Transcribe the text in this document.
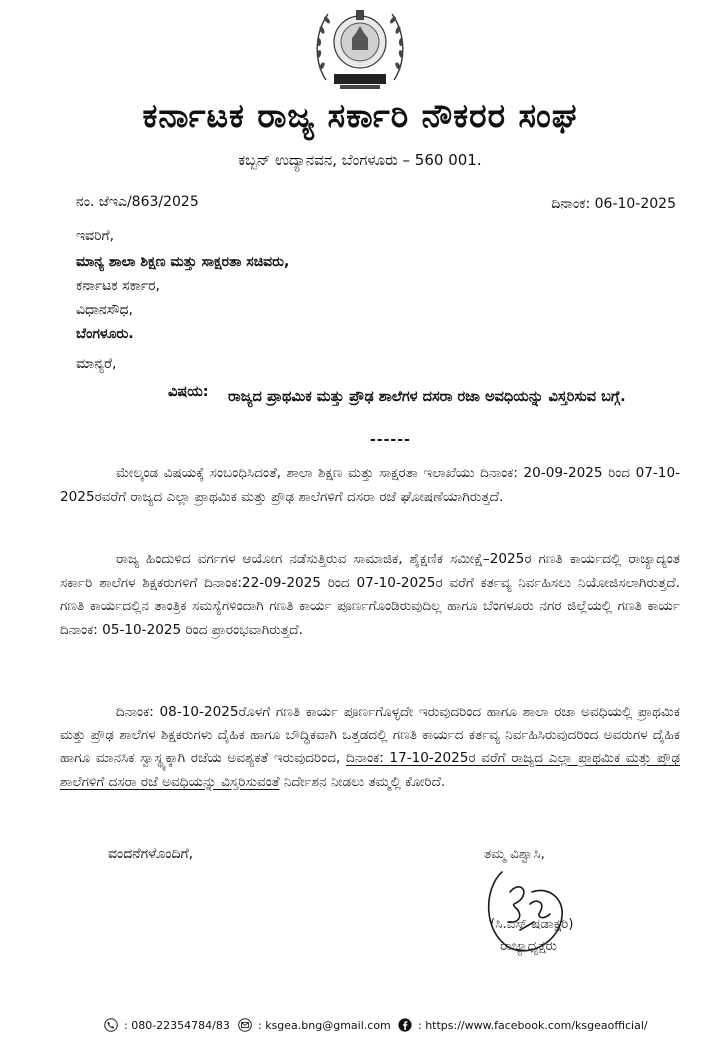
ಕರ್ನಾಟಕ ರಾಜ್ಯ ಸರ್ಕಾರಿ ನೌಕರರ ಸಂಘ
ಕಬ್ಬನ್ ಉದ್ಯಾನವನ, ಬೆಂಗಳೂರು – 560 001.
ನಂ. ಜೆಇಎ/863/2025	ದಿನಾಂಕ: 06-10-2025
ಇವರಿಗೆ,
ಮಾನ್ಯ ಶಾಲಾ ಶಿಕ್ಷಣ ಮತ್ತು ಸಾಕ್ಷರತಾ ಸಚಿವರು,
ಕರ್ನಾಟಕ ಸರ್ಕಾರ,
ವಿಧಾನಸೌಧ,
ಬೆಂಗಳೂರು.
ಮಾನ್ಯರೆ,
ವಿಷಯ: ರಾಜ್ಯದ ಪ್ರಾಥಮಿಕ ಮತ್ತು ಪ್ರೌಢ ಶಾಲೆಗಳ ದಸರಾ ರಜಾ ಅವಧಿಯನ್ನು ವಿಸ್ತರಿಸುವ ಬಗ್ಗೆ.
------
ಮೇಲ್ಕಂಡ ವಿಷಯಕ್ಕೆ ಸಂಬಂಧಿಸಿದಂತೆ, ಶಾಲಾ ಶಿಕ್ಷಣ ಮತ್ತು ಸಾಕ್ಷರತಾ ಇಲಾಖೆಯು ದಿನಾಂಕ: 20-09-2025 ರಿಂದ 07-10-2025ರವರೆಗೆ ರಾಜ್ಯದ ಎಲ್ಲಾ ಪ್ರಾಥಮಿಕ ಮತ್ತು ಪ್ರೌಢ ಶಾಲೆಗಳಿಗೆ ದಸರಾ ರಜೆ ಘೋಷಣೆಯಾಗಿರುತ್ತದೆ.
ರಾಜ್ಯ ಹಿಂದುಳಿದ ವರ್ಗಗಳ ಆಯೋಗ ನಡೆಸುತ್ತಿರುವ ಸಾಮಾಜಿಕ, ಶೈಕ್ಷಣಿಕ ಸಮೀಕ್ಷೆ–2025ರ ಗಣತಿ ಕಾರ್ಯದಲ್ಲಿ ರಾಜ್ಯಾದ್ಯಂತ ಸರ್ಕಾರಿ ಶಾಲೆಗಳ ಶಿಕ್ಷಕರುಗಳಿಗೆ ದಿನಾಂಕ:22-09-2025 ರಿಂದ 07-10-2025ರ ವರೆಗೆ ಕರ್ತವ್ಯ ನಿರ್ವಹಿಸಲು ನಿಯೋಜಿಸಲಾಗಿರುತ್ತದೆ. ಗಣತಿ ಕಾರ್ಯದಲ್ಲಿನ ತಾಂತ್ರಿಕ ಸಮಸ್ಯೆಗಳಿಂದಾಗಿ ಗಣತಿ ಕಾರ್ಯ ಪೂರ್ಣಗೊಂಡಿರುವುದಿಲ್ಲ ಹಾಗೂ ಬೆಂಗಳೂರು ನಗರ ಜಿಲ್ಲೆಯಲ್ಲಿ ಗಣತಿ ಕಾರ್ಯ ದಿನಾಂಕ: 05-10-2025 ರಿಂದ ಪ್ರಾರಂಭವಾಗಿರುತ್ತದೆ.
ದಿನಾಂಕ: 08-10-2025ರೊಳಗೆ ಗಣತಿ ಕಾರ್ಯ ಪೂರ್ಣಗೊಳ್ಳದೇ ಇರುವುದರಿಂದ ಹಾಗೂ ಶಾಲಾ ರಜಾ ಅವಧಿಯಲ್ಲಿ ಪ್ರಾಥಮಿಕ ಮತ್ತು ಪ್ರೌಢ ಶಾಲೆಗಳ ಶಿಕ್ಷಕರುಗಳು ದೈಹಿಕ ಹಾಗೂ ಬೌದ್ಧಿಕವಾಗಿ ಒತ್ತಡದಲ್ಲಿ ಗಣತಿ ಕಾರ್ಯದ ಕರ್ತವ್ಯ ನಿರ್ವಹಿಸಿರುವುದರಿಂದ ಅವರುಗಳ ದೈಹಿಕ ಹಾಗೂ ಮಾನಸಿಕ ಸ್ವಾಸ್ಥ್ಯಕ್ಕಾಗಿ ರಜೆಯ ಅವಶ್ಯಕತೆ ಇರುವುದರಿಂದ, ದಿನಾಂಕ: 17-10-2025ರ ವರೆಗೆ ರಾಜ್ಯದ ಎಲ್ಲಾ ಪ್ರಾಥಮಿಕ ಮತ್ತು ಪ್ರೌಢ ಶಾಲೆಗಳಿಗೆ ದಸರಾ ರಜೆ ಅವಧಿಯನ್ನು ವಿಸ್ತರಿಸುವಂತೆ ನಿರ್ದೇಶನ ನೀಡಲು ತಮ್ಮಲ್ಲಿ ಕೋರಿದೆ.
ವಂದನೆಗಳೊಂದಿಗೆ,	ತಮ್ಮ ವಿಶ್ವಾಸಿ,
(ಸಿ.ಎಸ್ ಷಡಾಕ್ಷರಿ)
ರಾಜ್ಯಾಧ್ಯಕ್ಷರು
: 080-22354784/83	: ksgea.bng@gmail.com : https://www.facebook.com/ksgeaofficial/
